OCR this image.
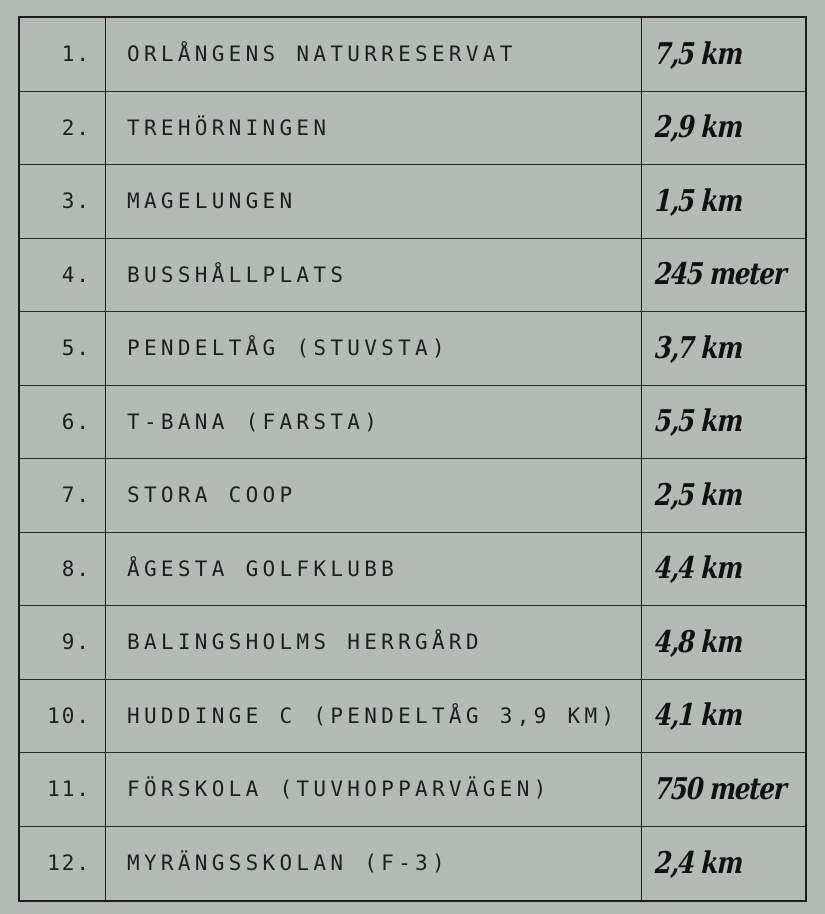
1.	ORLÅNGENS NATURRESERVAT	7,5 km
2.	TREHÖRNINGEN	2,9 km
3.	MAGELUNGEN	1,5 km
4.	BUSSHÅLLPLATS	245 meter
5.	PENDELTÅG (STUVSTA)	3,7 km
6.	T-BANA (FARSTA)	5,5 km
7.	STORA COOP	2,5 km
8.	ÅGESTA GOLFKLUBB	4,4 km
9.	BALINGSHOLMS HERRGÅRD	4,8 km
10.	HUDDINGE C (PENDELTÅG 3,9 KM)	4,1 km
11.	FÖRSKOLA (TUVHOPPARVÄGEN)	750 meter
12.	MYRÄNGSSKOLAN (F-3)	2,4 km
